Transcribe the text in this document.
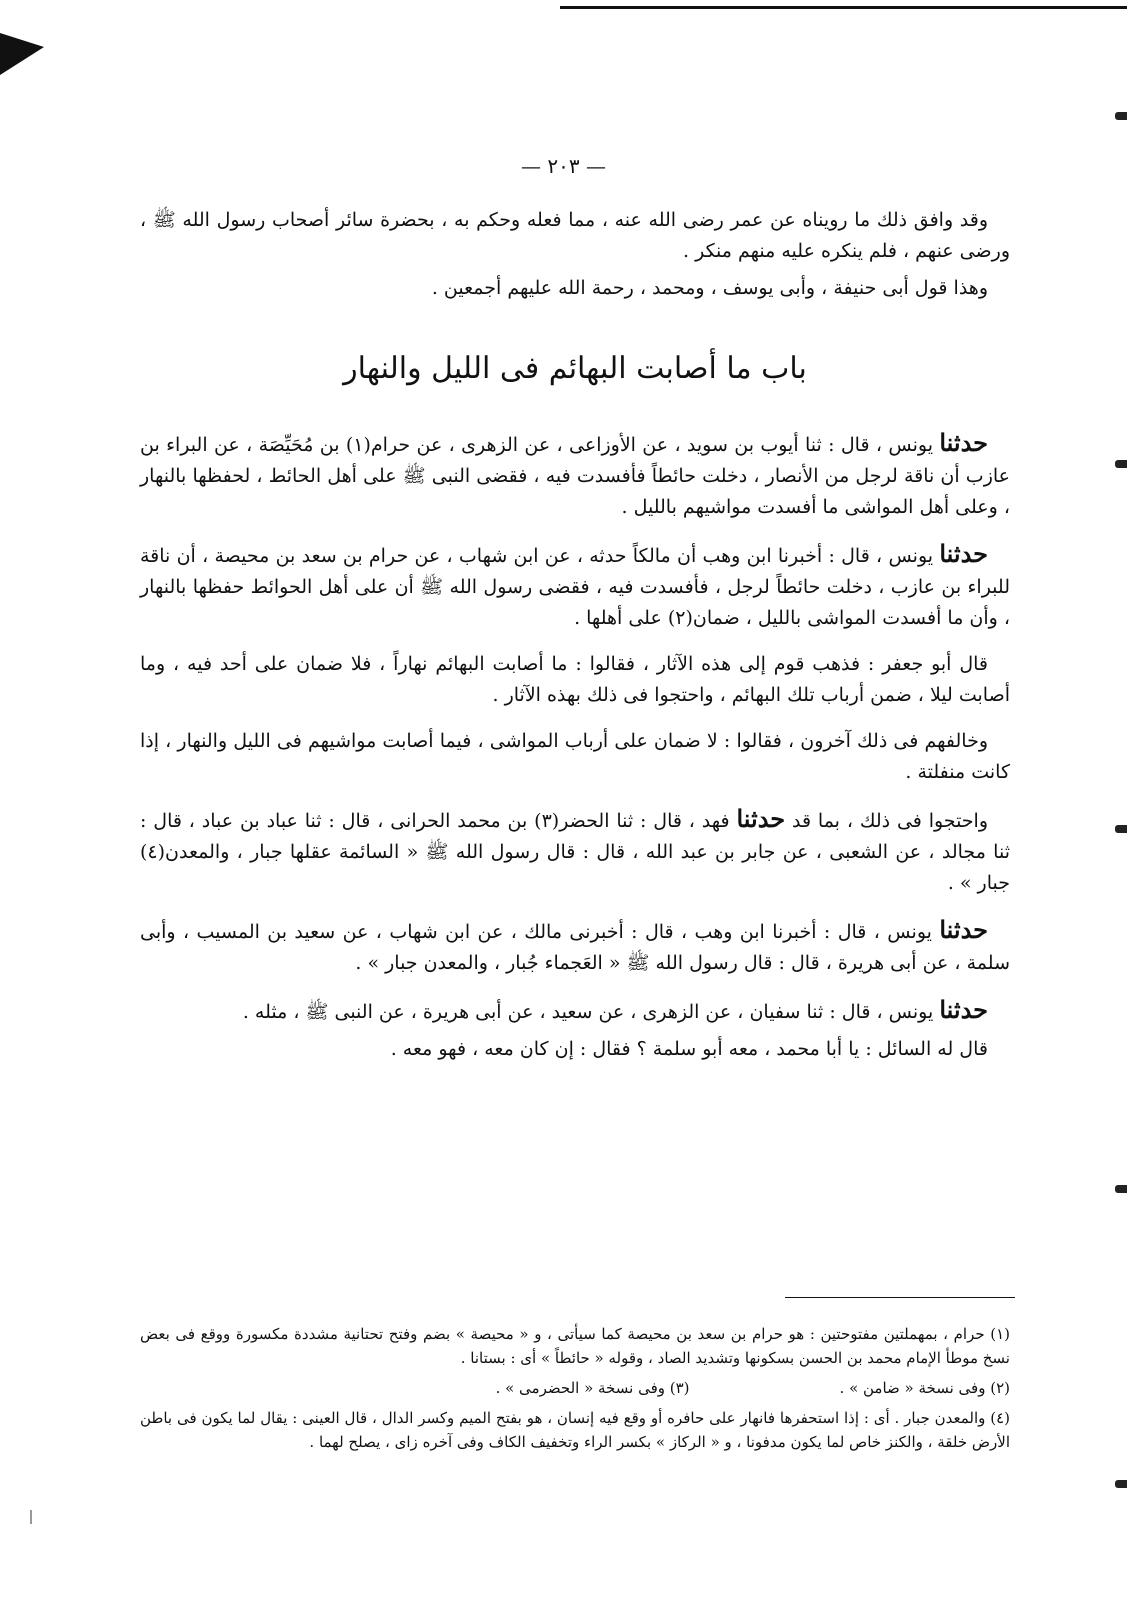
— ٢٠٣ —

وقد وافق ذلك ما رويناه عن عمر رضى الله عنه ، مما فعله وحكم به ، بحضرة سائر أصحاب رسول الله ﷺ ، ورضى عنهم ، فلم ينكره عليه منهم منكر .

وهذا قول أبى حنيفة ، وأبى يوسف ، ومحمد ، رحمة الله عليهم أجمعين .

باب ما أصابت البهائم فى الليل والنهار

حدثنا يونس ، قال : ثنا أيوب بن سويد ، عن الأوزاعى ، عن الزهرى ، عن حرام(١) بن مُحَيِّصَة ، عن البراء بن عازب أن ناقة لرجل من الأنصار ، دخلت حائطاً فأفسدت فيه ، فقضى النبى ﷺ على أهل الحائط ، لحفظها بالنهار ، وعلى أهل المواشى ما أفسدت مواشيهم بالليل .

حدثنا يونس ، قال : أخبرنا ابن وهب أن مالكاً حدثه ، عن ابن شهاب ، عن حرام بن سعد بن محيصة ، أن ناقة للبراء بن عازب ، دخلت حائطاً لرجل ، فأفسدت فيه ، فقضى رسول الله ﷺ أن على أهل الحوائط حفظها بالنهار ، وأن ما أفسدت المواشى بالليل ، ضمان(٢) على أهلها .

قال أبو جعفر : فذهب قوم إلى هذه الآثار ، فقالوا : ما أصابت البهائم نهاراً ، فلا ضمان على أحد فيه ، وما أصابت ليلا ، ضمن أرباب تلك البهائم ، واحتجوا فى ذلك بهذه الآثار .

وخالفهم فى ذلك آخرون ، فقالوا : لا ضمان على أرباب المواشى ، فيما أصابت مواشيهم فى الليل والنهار ، إذا كانت منفلتة .

واحتجوا فى ذلك ، بما قد حدثنا فهد ، قال : ثنا الحضر(٣) بن محمد الحرانى ، قال : ثنا عباد بن عباد ، قال : ثنا مجالد ، عن الشعبى ، عن جابر بن عبد الله ، قال : قال رسول الله ﷺ « السائمة عقلها جبار ، والمعدن(٤) جبار » .

حدثنا يونس ، قال : أخبرنا ابن وهب ، قال : أخبرنى مالك ، عن ابن شهاب ، عن سعيد بن المسيب ، وأبى سلمة ، عن أبى هريرة ، قال : قال رسول الله ﷺ « العَجماء جُبار ، والمعدن جبار » .

حدثنا يونس ، قال : ثنا سفيان ، عن الزهرى ، عن سعيد ، عن أبى هريرة ، عن النبى ﷺ ، مثله .

قال له السائل : يا أبا محمد ، معه أبو سلمة ؟ فقال : إن كان معه ، فهو معه .

(١) حرام ، بمهملتين مفتوحتين : هو حرام بن سعد بن محيصة كما سيأتى ، و « محيصة » بضم وفتح تحتانية مشددة مكسورة ووقع فى بعض نسخ موطأ الإمام محمد بن الحسن بسكونها وتشديد الصاد ، وقوله « حائطاً » أى : بستانا .

(٢) وفى نسخة « ضامن » .
(٣) وفى نسخة « الحضرمى » .

(٤) والمعدن جبار . أى : إذا استحفرها فانهار على حافره أو وقع فيه إنسان ، هو بفتح الميم وكسر الدال ، قال العينى : يقال لما يكون فى باطن الأرض خلقة ، والكنز خاص لما يكون مدفونا ، و « الركاز » بكسر الراء وتخفيف الكاف وفى آخره زاى ، يصلح لهما .
